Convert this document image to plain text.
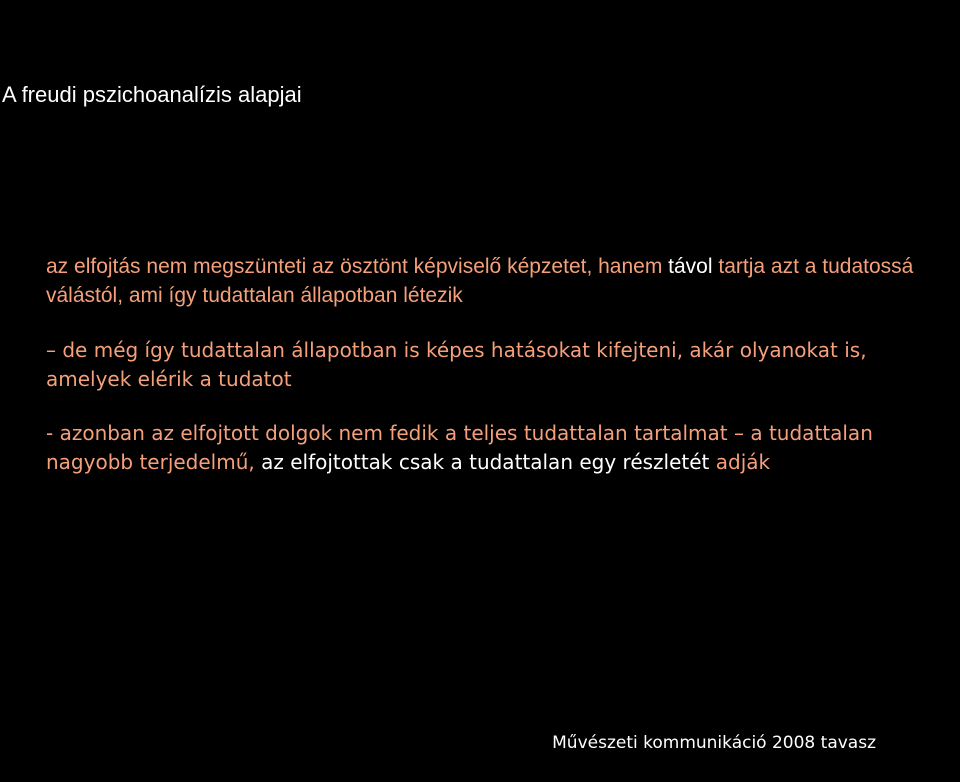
A freudi pszichoanalízis alapjai

az elfojtás nem megszünteti az ösztönt képviselő képzetet, hanem távol tartja azt a tudatossá válástól, ami így tudattalan állapotban létezik

– de még így tudattalan állapotban is képes hatásokat kifejteni, akár olyanokat is, amelyek elérik a tudatot

- azonban az elfojtott dolgok nem fedik a teljes tudattalan tartalmat – a tudattalan nagyobb terjedelmű, az elfojtottak csak a tudattalan egy részletét adják

Művészeti kommunikáció 2008 tavasz
